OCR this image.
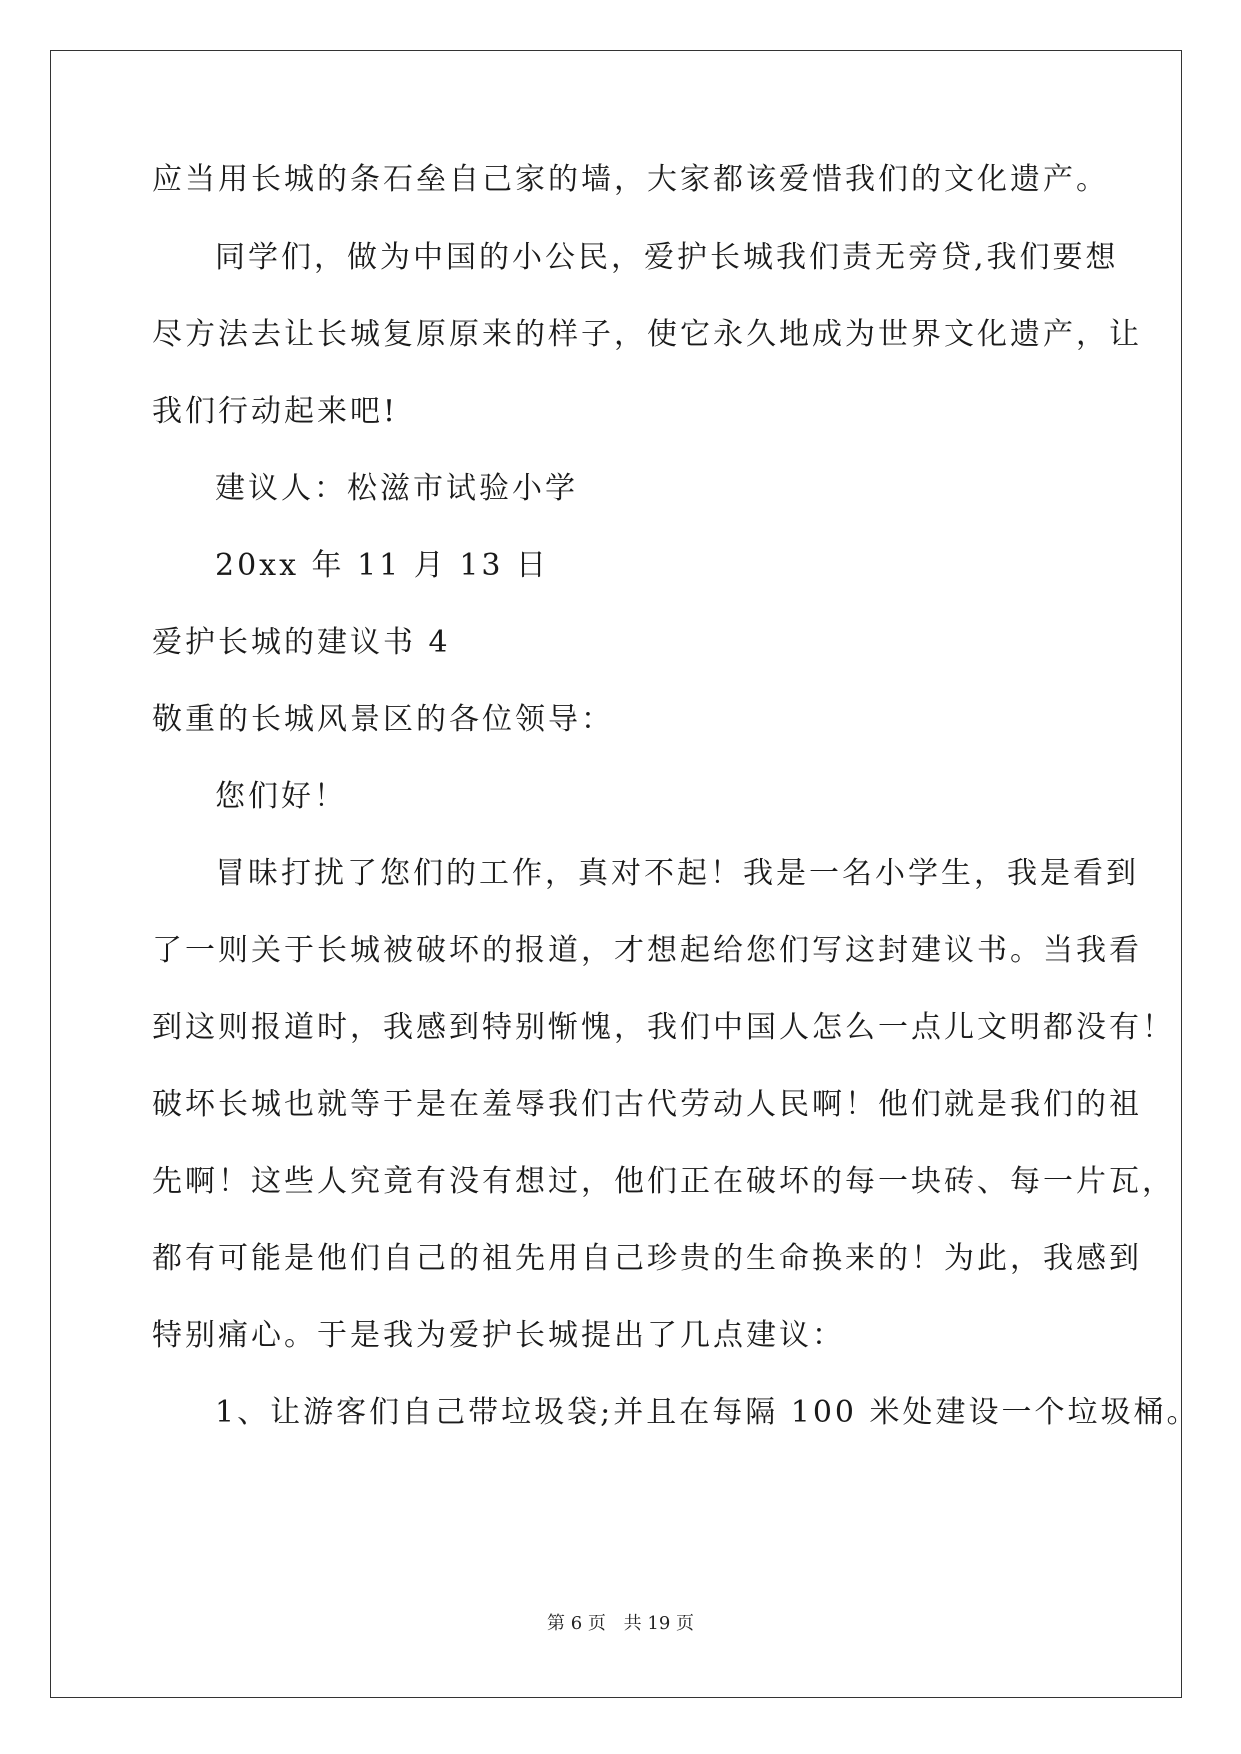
应当用长城的条石垒自己家的墙，大家都该爱惜我们的文化遗产。
同学们，做为中国的小公民，爱护长城我们责无旁贷,我们要想
尽方法去让长城复原原来的样子，使它永久地成为世界文化遗产，让
我们行动起来吧!
建议人：松滋市试验小学
20xx 年 11 月 13 日
爱护长城的建议书 4
敬重的长城风景区的各位领导：
您们好！
冒昧打扰了您们的工作，真对不起！我是一名小学生，我是看到
了一则关于长城被破坏的报道，才想起给您们写这封建议书。当我看
到这则报道时，我感到特别惭愧，我们中国人怎么一点儿文明都没有！
破坏长城也就等于是在羞辱我们古代劳动人民啊！他们就是我们的祖
先啊！这些人究竟有没有想过，他们正在破坏的每一块砖、每一片瓦，
都有可能是他们自己的祖先用自己珍贵的生命换来的！为此，我感到
特别痛心。于是我为爱护长城提出了几点建议：
1、让游客们自己带垃圾袋;并且在每隔 100 米处建设一个垃圾桶。
第 6 页 共 19 页
